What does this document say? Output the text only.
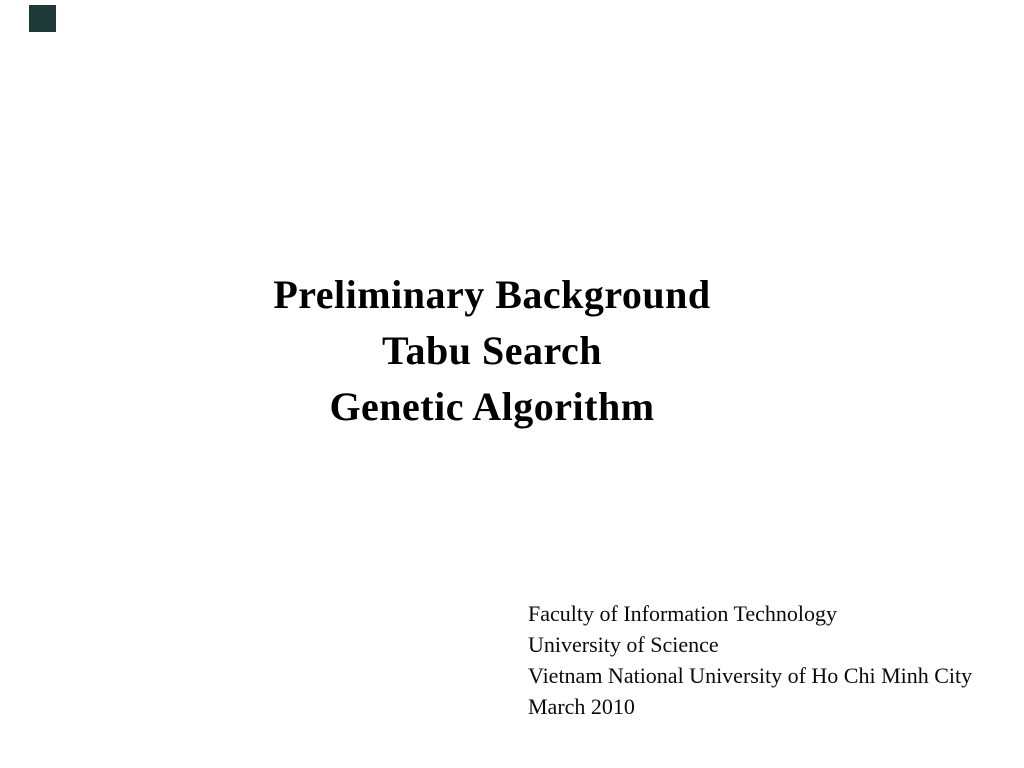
Preliminary Background
Tabu Search
Genetic Algorithm
Faculty of Information Technology
University of Science
Vietnam National University of Ho Chi Minh City
March 2010
